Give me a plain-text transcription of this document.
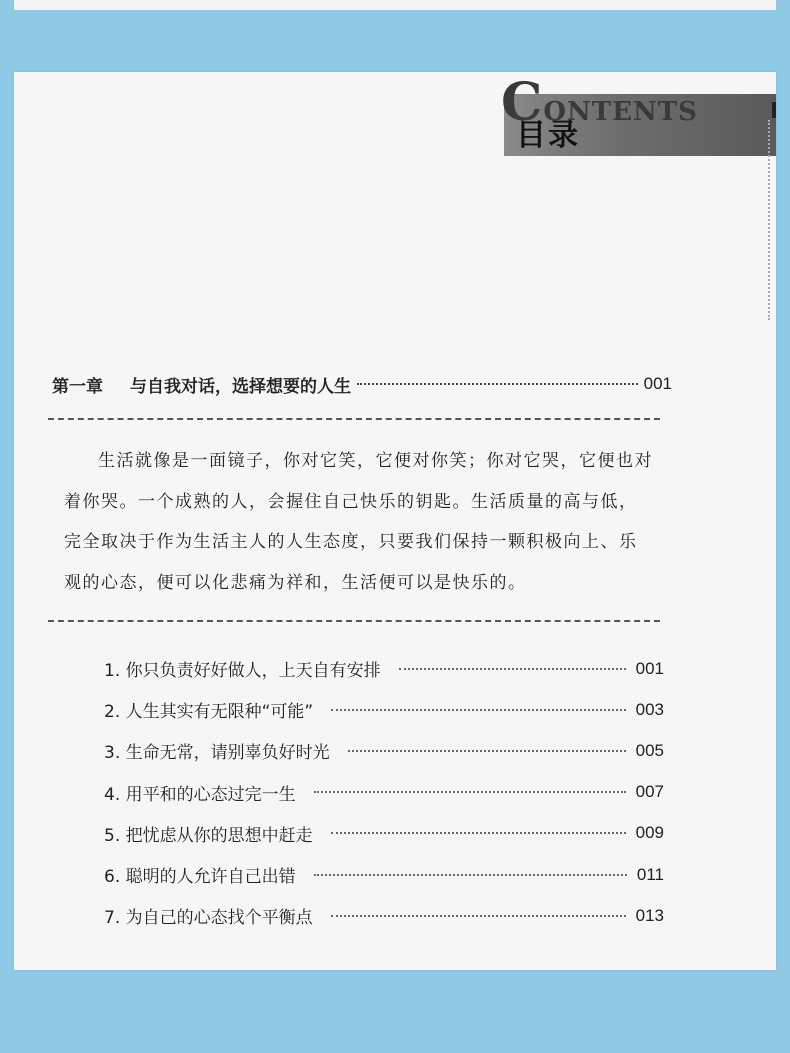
CONTENTS
目录
第一章	与自我对话，选择想要的人生	001

生活就像是一面镜子，你对它笑，它便对你笑；你对它哭，它便也对着你哭。一个成熟的人，会握住自己快乐的钥匙。生活质量的高与低，完全取决于作为生活主人的人生态度，只要我们保持一颗积极向上、乐观的心态，便可以化悲痛为祥和，生活便可以是快乐的。

1. 你只负责好好做人，上天自有安排	001
2. 人生其实有无限种“可能”	003
3. 生命无常，请别辜负好时光	005
4. 用平和的心态过完一生	007
5. 把忧虑从你的思想中赶走	009
6. 聪明的人允许自己出错	011
7. 为自己的心态找个平衡点	013
